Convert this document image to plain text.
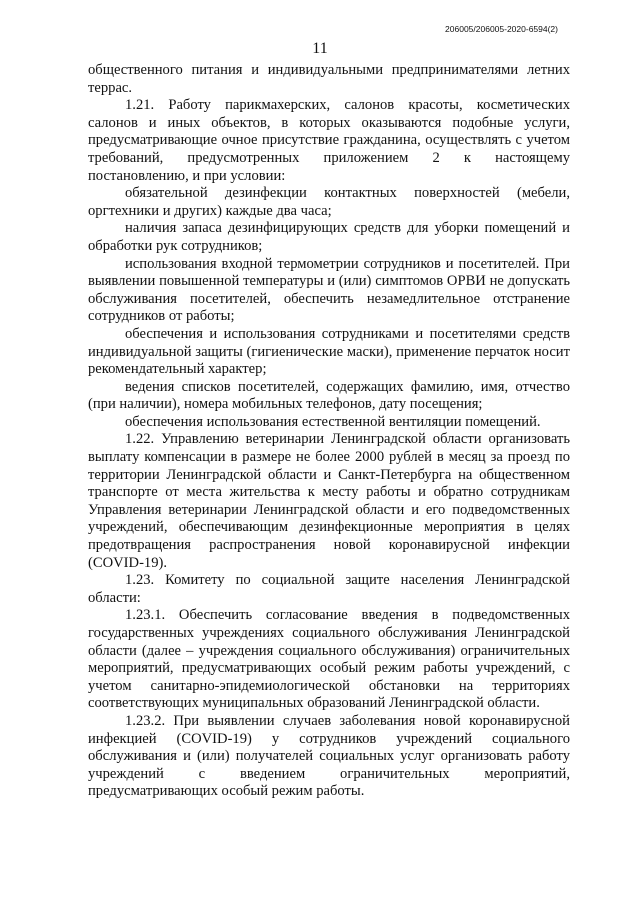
206005/206005-2020-6594(2)
11

общественного питания и индивидуальными предпринимателями летних террас.

1.21. Работу парикмахерских, салонов красоты, косметических салонов и иных объектов, в которых оказываются подобные услуги, предусматривающие очное присутствие гражданина, осуществлять с учетом требований, предусмотренных приложением 2 к настоящему постановлению, и при условии:

обязательной дезинфекции контактных поверхностей (мебели, оргтехники и других) каждые два часа;

наличия запаса дезинфицирующих средств для уборки помещений и обработки рук сотрудников;

использования входной термометрии сотрудников и посетителей. При выявлении повышенной температуры и (или) симптомов ОРВИ не допускать обслуживания посетителей, обеспечить незамедлительное отстранение сотрудников от работы;

обеспечения и использования сотрудниками и посетителями средств индивидуальной защиты (гигиенические маски), применение перчаток носит рекомендательный характер;

ведения списков посетителей, содержащих фамилию, имя, отчество (при наличии), номера мобильных телефонов, дату посещения;

обеспечения использования естественной вентиляции помещений.

1.22. Управлению ветеринарии Ленинградской области организовать выплату компенсации в размере не более 2000 рублей в месяц за проезд по территории Ленинградской области и Санкт-Петербурга на общественном транспорте от места жительства к месту работы и обратно сотрудникам Управления ветеринарии Ленинградской области и его подведомственных учреждений, обеспечивающим дезинфекционные мероприятия в целях предотвращения распространения новой коронавирусной инфекции (COVID-19).

1.23. Комитету по социальной защите населения Ленинградской области:

1.23.1. Обеспечить согласование введения в подведомственных государственных учреждениях социального обслуживания Ленинградской области (далее – учреждения социального обслуживания) ограничительных мероприятий, предусматривающих особый режим работы учреждений, с учетом санитарно-эпидемиологической обстановки на территориях соответствующих муниципальных образований Ленинградской области.

1.23.2. При выявлении случаев заболевания новой коронавирусной инфекцией (COVID-19) у сотрудников учреждений социального обслуживания и (или) получателей социальных услуг организовать работу учреждений с введением ограничительных мероприятий, предусматривающих особый режим работы.
